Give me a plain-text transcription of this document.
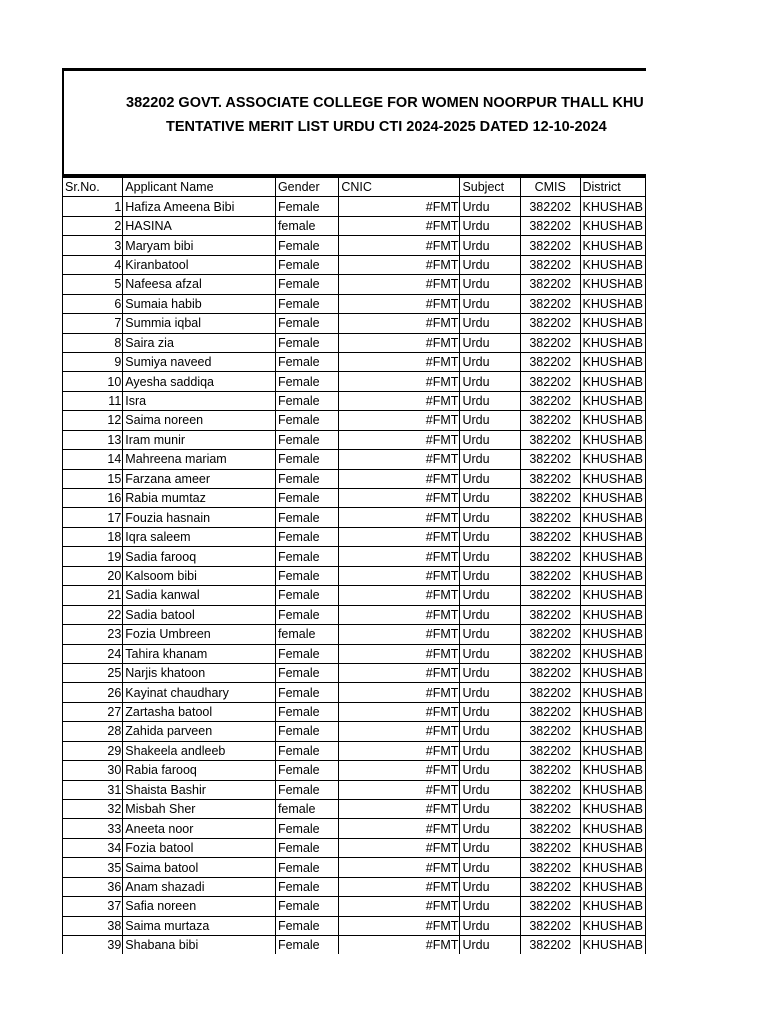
382202 GOVT. ASSOCIATE COLLEGE FOR WOMEN NOORPUR THALL KHU
TENTATIVE MERIT LIST URDU CTI 2024-2025 DATED 12-10-2024
Sr.No.	Applicant Name	Gender	CNIC	Subject	CMIS	District
1	Hafiza Ameena Bibi	Female	#FMT	Urdu	382202	KHUSHAB
2	HASINA	female	#FMT	Urdu	382202	KHUSHAB
3	Maryam bibi	Female	#FMT	Urdu	382202	KHUSHAB
4	Kiranbatool	Female	#FMT	Urdu	382202	KHUSHAB
5	Nafeesa afzal	Female	#FMT	Urdu	382202	KHUSHAB
6	Sumaia habib	Female	#FMT	Urdu	382202	KHUSHAB
7	Summia iqbal	Female	#FMT	Urdu	382202	KHUSHAB
8	Saira zia	Female	#FMT	Urdu	382202	KHUSHAB
9	Sumiya naveed	Female	#FMT	Urdu	382202	KHUSHAB
10	Ayesha saddiqa	Female	#FMT	Urdu	382202	KHUSHAB
11	Isra	Female	#FMT	Urdu	382202	KHUSHAB
12	Saima noreen	Female	#FMT	Urdu	382202	KHUSHAB
13	Iram munir	Female	#FMT	Urdu	382202	KHUSHAB
14	Mahreena mariam	Female	#FMT	Urdu	382202	KHUSHAB
15	Farzana ameer	Female	#FMT	Urdu	382202	KHUSHAB
16	Rabia mumtaz	Female	#FMT	Urdu	382202	KHUSHAB
17	Fouzia hasnain	Female	#FMT	Urdu	382202	KHUSHAB
18	Iqra saleem	Female	#FMT	Urdu	382202	KHUSHAB
19	Sadia farooq	Female	#FMT	Urdu	382202	KHUSHAB
20	Kalsoom bibi	Female	#FMT	Urdu	382202	KHUSHAB
21	Sadia kanwal	Female	#FMT	Urdu	382202	KHUSHAB
22	Sadia batool	Female	#FMT	Urdu	382202	KHUSHAB
23	Fozia Umbreen	female	#FMT	Urdu	382202	KHUSHAB
24	Tahira khanam	Female	#FMT	Urdu	382202	KHUSHAB
25	Narjis khatoon	Female	#FMT	Urdu	382202	KHUSHAB
26	Kayinat chaudhary	Female	#FMT	Urdu	382202	KHUSHAB
27	Zartasha batool	Female	#FMT	Urdu	382202	KHUSHAB
28	Zahida parveen	Female	#FMT	Urdu	382202	KHUSHAB
29	Shakeela andleeb	Female	#FMT	Urdu	382202	KHUSHAB
30	Rabia farooq	Female	#FMT	Urdu	382202	KHUSHAB
31	Shaista Bashir	Female	#FMT	Urdu	382202	KHUSHAB
32	Misbah Sher	female	#FMT	Urdu	382202	KHUSHAB
33	Aneeta noor	Female	#FMT	Urdu	382202	KHUSHAB
34	Fozia batool	Female	#FMT	Urdu	382202	KHUSHAB
35	Saima batool	Female	#FMT	Urdu	382202	KHUSHAB
36	Anam shazadi	Female	#FMT	Urdu	382202	KHUSHAB
37	Safia noreen	Female	#FMT	Urdu	382202	KHUSHAB
38	Saima murtaza	Female	#FMT	Urdu	382202	KHUSHAB
39	Shabana bibi	Female	#FMT	Urdu	382202	KHUSHAB
